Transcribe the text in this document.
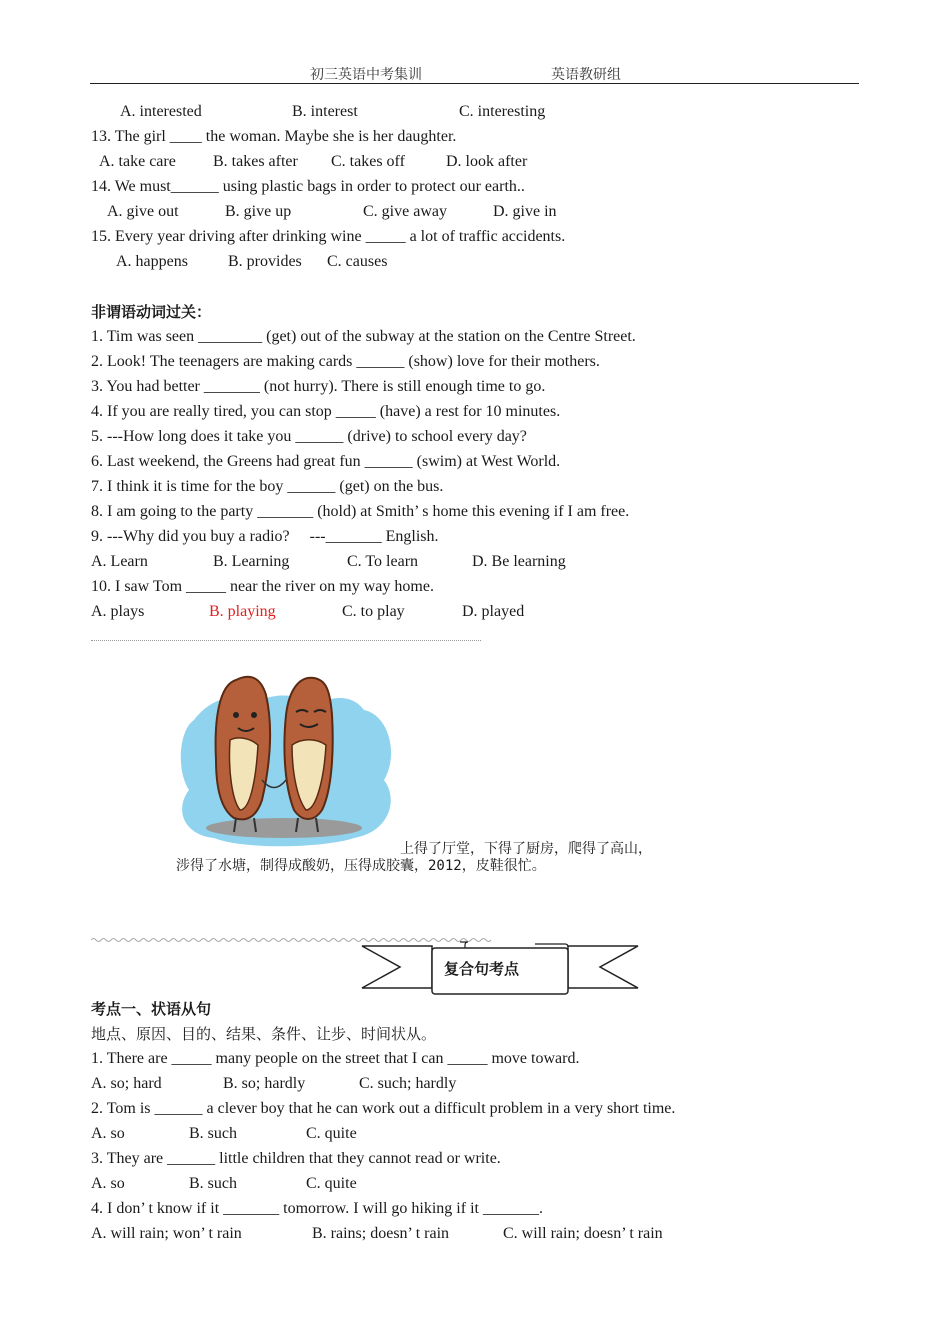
初三英语中考集训	英语教研组
A. interested	B. interest	C. interesting
13. The girl ____ the woman. Maybe she is her daughter.
A. take care B. takes after C. takes off	D. look after
14. We must______ using plastic bags in order to protect our earth..
A. give out	B. give up	C. give away	D. give in
15. Every year driving after drinking wine _____ a lot of traffic accidents.
A. happens	B. provides C. causes
非谓语动词过关：
1. Tim was seen ________ (get) out of the subway at the station on the Centre Street.
2. Look! The teenagers are making cards ______ (show) love for their mothers.
3. You had better _______ (not hurry). There is still enough time to go.
4. If you are really tired, you can stop _____ (have) a rest for 10 minutes.
5. ---How long does it take you ______ (drive) to school every day?
6. Last weekend, the Greens had great fun ______ (swim) at West World.
7. I think it is time for the boy ______ (get) on the bus.
8. I am going to the party _______ (hold) at Smith’ s home this evening if I am free.
9. ---Why did you buy a radio?     ---_______ English.
A. Learn	B. Learning	C. To learn	D. Be learning
10. I saw Tom _____ near the river on my way home.
A. plays	B. playing	C. to play	D. played
上得了厅堂，下得了厨房，爬得了高山，
涉得了水塘，制得成酸奶，压得成胶囊，2012，皮鞋很忙。
复合句考点
考点一、状语从句
地点、原因、目的、结果、条件、让步、时间状从。
1. There are _____ many people on the street that I can _____ move toward.
A. so; hard	B. so; hardly	C. such; hardly
2. Tom is ______ a clever boy that he can work out a difficult problem in a very short time.
A. so	B. such	C. quite
3. They are ______ little children that they cannot read or write.
A. so	B. such	C. quite
4. I don’ t know if it _______ tomorrow. I will go hiking if it _______.
A. will rain; won’ t rain	B. rains; doesn’ t rain	C. will rain; doesn’ t rain
